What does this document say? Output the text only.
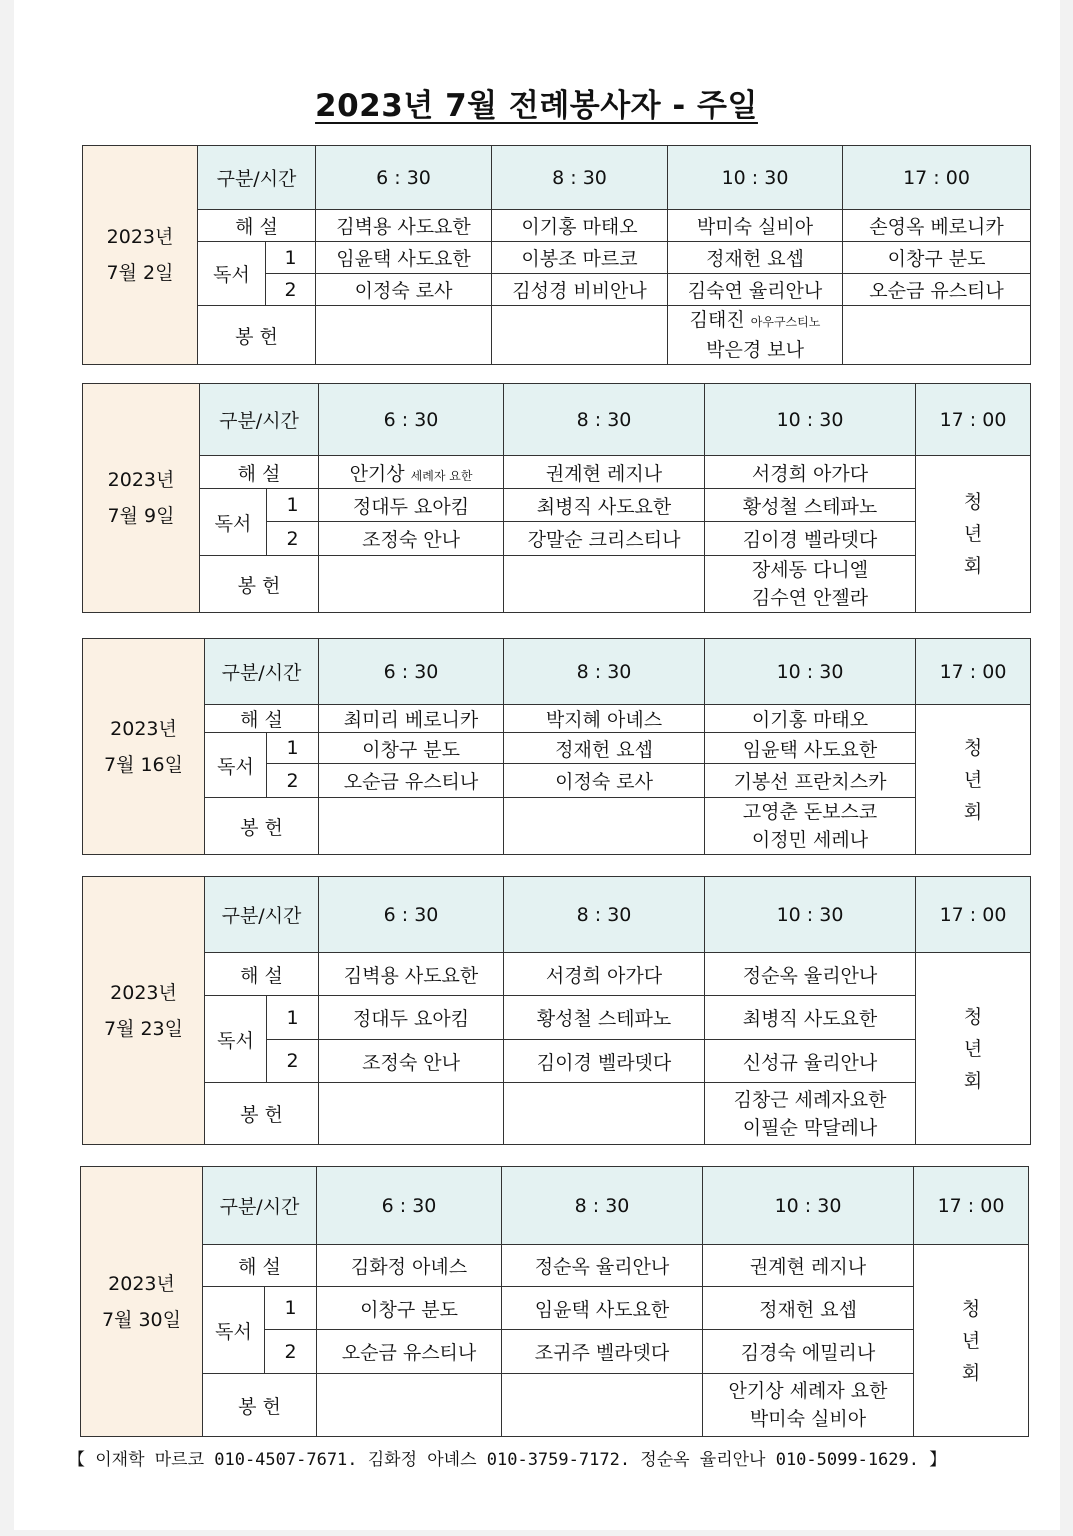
2023년 7월 전례봉사자 - 주일
2023년
7월 2일	구분/시간		6 : 30	8 : 30	10 : 30	17 : 00
	해 설		김벽용 사도요한	이기홍 마태오	박미숙 실비아	손영옥 베로니카
	독서	1	임윤택 사도요한	이봉조 마르코	정재헌 요셉	이창구 분도
		2	이정숙 로사	김성경 비비안나	김숙연 율리안나	오순금 유스티나
	봉 헌				김태진 아우구스티노
박은경 보나	

2023년
7월 9일	구분/시간		6 : 30	8 : 30	10 : 30	17 : 00
	해 설		안기상 세례자 요한	권계현 레지나	서경희 아가다	청
년
회

	독서	1	정대두 요아킴	최병직 사도요한	황성철 스테파노	
		2	조정숙 안나	강말순 크리스티나	김이경 벨라뎃다	
	봉 헌				장세동 다니엘
김수연 안젤라	
2023년
7월 16일	구분/시간		6 : 30	8 : 30	10 : 30	17 : 00
	해 설		최미리 베로니카	박지혜 아녜스	이기홍 마태오	청
년
회

	독서	1	이창구 분도	정재헌 요셉	임윤택 사도요한	
		2	오순금 유스티나	이정숙 로사	기봉선 프란치스카	
	봉 헌				고영춘 돈보스코
이정민 세레나	
2023년
7월 23일	구분/시간		6 : 30	8 : 30	10 : 30	17 : 00
	해 설		김벽용 사도요한	서경희 아가다	정순옥 율리안나	청
년
회

	독서	1	정대두 요아킴	황성철 스테파노	최병직 사도요한	
		2	조정숙 안나	김이경 벨라뎃다	신성규 율리안나	
	봉 헌				김창근 세례자요한
이필순 막달레나	
2023년
7월 30일	구분/시간		6 : 30	8 : 30	10 : 30	17 : 00
	해 설		김화정 아녜스	정순옥 율리안나	권계현 레지나	청
년
회

	독서	1	이창구 분도	임윤택 사도요한	정재헌 요셉	
		2	오순금 유스티나	조귀주 벨라뎃다	김경숙 에밀리나	
	봉 헌				안기상 세례자 요한
박미숙 실비아	
【 이재학 마르코 010-4507-7671. 김화정 아녜스 010-3759-7172. 정순옥 율리안나 010-5099-1629. 】
